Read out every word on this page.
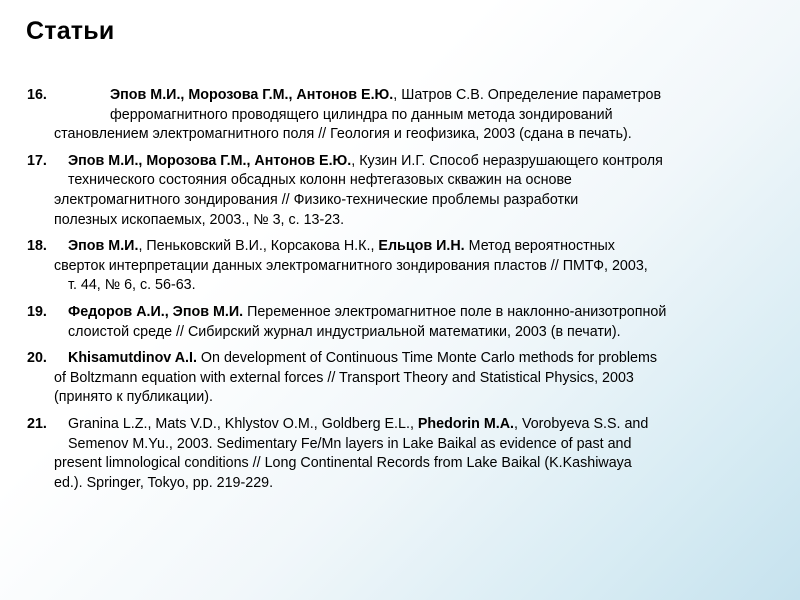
Статьи
16.	Эпов М.И., Морозова Г.М., Антонов Е.Ю., Шатров С.В. Определение параметров
ферромагнитного проводящего цилиндра по данным метода зондирований
становлением электромагнитного поля // Геология и геофизика, 2003 (сдана в печать).
17.	Эпов М.И., Морозова Г.М., Антонов Е.Ю., Кузин И.Г. Способ неразрушающего контроля
технического состояния обсадных колонн нефтегазовых скважин на основе
электромагнитного зондирования // Физико-технические проблемы разработки
полезных ископаемых, 2003., № 3, с. 13-23.
18.	Эпов М.И., Пеньковский В.И., Корсакова Н.К., Ельцов И.Н. Метод вероятностных
сверток интерпретации данных электромагнитного зондирования пластов // ПМТФ, 2003,
т. 44, № 6, с. 56-63.
19.	Федоров А.И., Эпов М.И. Переменное электромагнитное поле в наклонно-анизотропной
слоистой среде // Сибирский журнал индустриальной математики, 2003 (в печати).
20.	Khisamutdinov A.I. On development of Continuous Time Monte Carlo methods for problems
of Boltzmann equation with external forces // Transport Theory and Statistical Physics, 2003
(принято к публикации).
21.	Granina L.Z., Mats V.D., Khlystov O.M., Goldberg E.L., Phedorin M.A., Vorobyeva S.S. and
Semenov M.Yu., 2003. Sedimentary Fe/Mn layers in Lake Baikal as evidence of past and
present limnological conditions // Long Continental Records from Lake Baikal (K.Kashiwaya
ed.). Springer, Tokyo, pp. 219-229.
